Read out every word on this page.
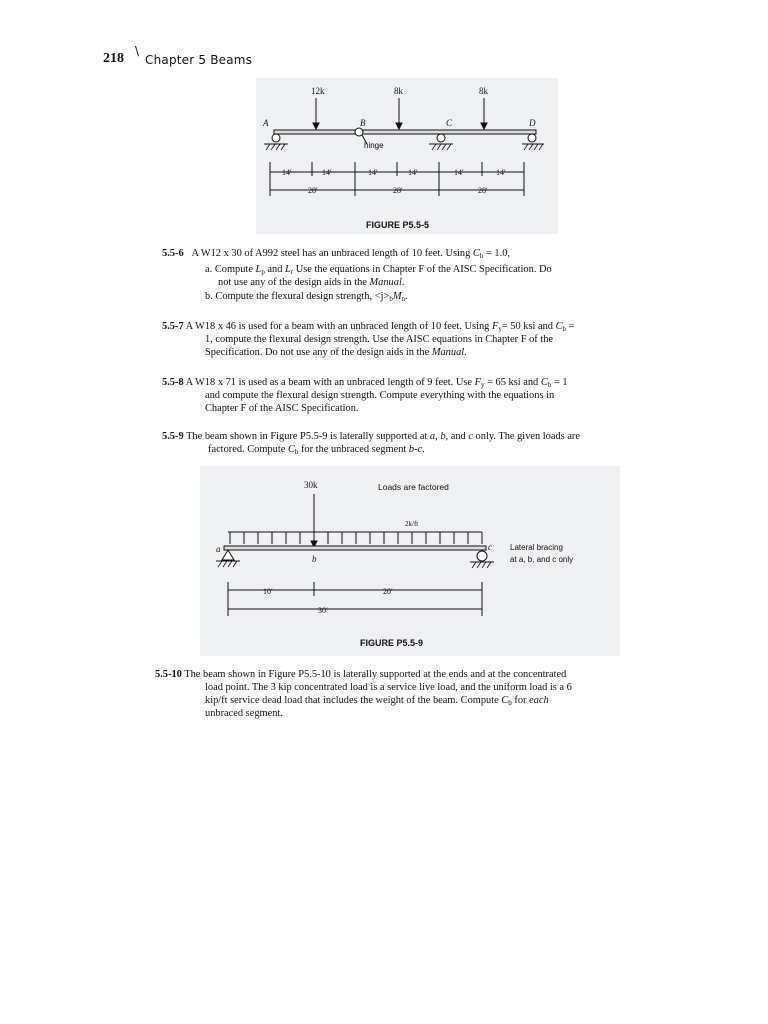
\
218 Chapter 5 Beams
12k	8k	8k
A	B	C	D
hinge
FIGURE P5.5-5
14′	14′	14′	14′	14′	14′
28′	28′	28′
5.5-6 A W12 x 30 of A992 steel has an unbraced length of 10 feet. Using $C_b = 1.0$,
a. Compute $L_p$ and $L_r$ Use the equations in Chapter F of the AISC Specification. Do
not use any of the design aids in the Manual.
b. Compute the flexural design strength, $<j>_bM_n$.
5.5-7 A W18 x 46 is used for a beam with an unbraced length of 10 feet. Using $F_y= 50$ ksi and $C_b$ =
1, compute the flexural design strength. Use the AISC equations in Chapter F of the
Specification. Do not use any of the design aids in the Manual.
5.5-8 A W18 x 71 is used as a beam with an unbraced length of 9 feet. Use $F_y = 65$ ksi and $C_b = 1$
and compute the flexural design strength. Compute everything with the equations in
Chapter F of the AISC Specification.
5.5-9 The beam shown in Figure P5.5-9 is laterally supported at a, b, and c only. The given loads are
factored. Compute $C_b$ for the unbraced segment b-c.
30k	Loads are factored
2k/ft
a
b
c Lateral bracing
at a, b, and c only
10′	20′
30′
FIGURE P5.5-9
5.5-10 The beam shown in Figure P5.5-10 is laterally supported at the ends and at the concentrated
load point. The 3 kip concentrated load is a service live load, and the uniform load is a 6
kip/ft service dead load that includes the weight of the beam. Compute $C_b$ for each
unbraced segment.
